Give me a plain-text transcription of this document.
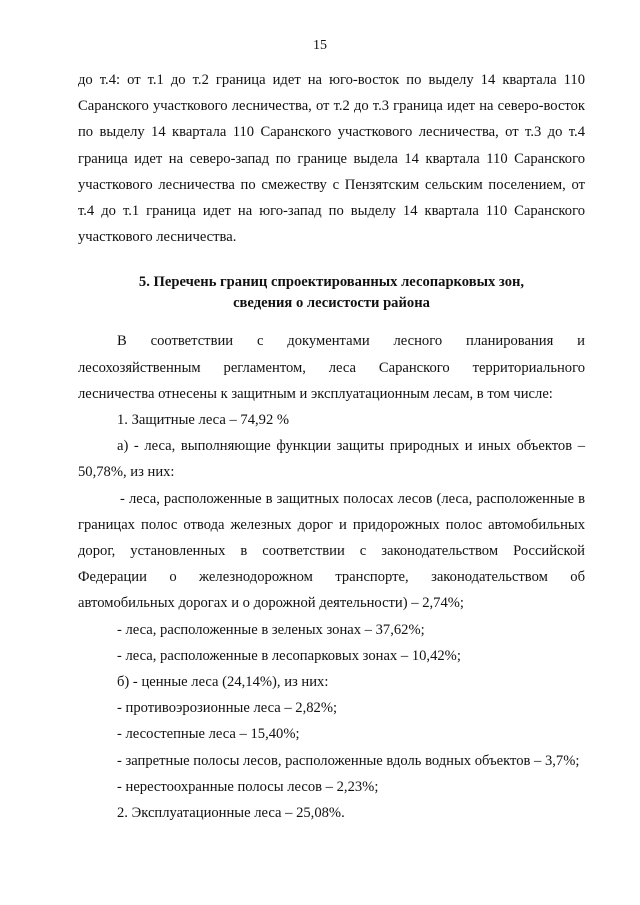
15

до т.4: от т.1 до т.2 граница идет на юго-восток по выделу 14 квартала 110 Саранского участкового лесничества, от т.2 до т.3 граница идет на северо-восток по выделу 14 квартала 110 Саранского участкового лесничества, от т.3 до т.4 граница идет на северо-запад по границе выдела 14 квартала 110 Саранского участкового лесничества по смежеству с Пензятским сельским поселением, от т.4 до т.1 граница идет на юго-запад по выделу 14 квартала 110 Саранского участкового лесничества.

5. Перечень границ спроектированных лесопарковых зон,
сведения о лесистости района

В соответствии с документами лесного планирования и лесохозяйственным регламентом, леса Саранского территориального лесничества отнесены к защитным и эксплуатационным лесам, в том числе:

1. Защитные леса – 74,92 %

а) - леса, выполняющие функции защиты природных и иных объектов – 50,78%, из них:

- леса, расположенные в защитных полосах лесов (леса, расположенные в границах полос отвода железных дорог и придорожных полос автомобильных дорог, установленных в соответствии с законодательством Российской Федерации о железнодорожном транспорте, законодательством об автомобильных дорогах и о дорожной деятельности) – 2,74%;

- леса, расположенные в зеленых зонах – 37,62%;

- леса, расположенные в лесопарковых зонах – 10,42%;

б) - ценные леса (24,14%), из них:

- противоэрозионные леса – 2,82%;

- лесостепные леса – 15,40%;

- запретные полосы лесов, расположенные вдоль водных объектов – 3,7%;

- нерестоохранные полосы лесов – 2,23%;

2. Эксплуатационные леса – 25,08%.
